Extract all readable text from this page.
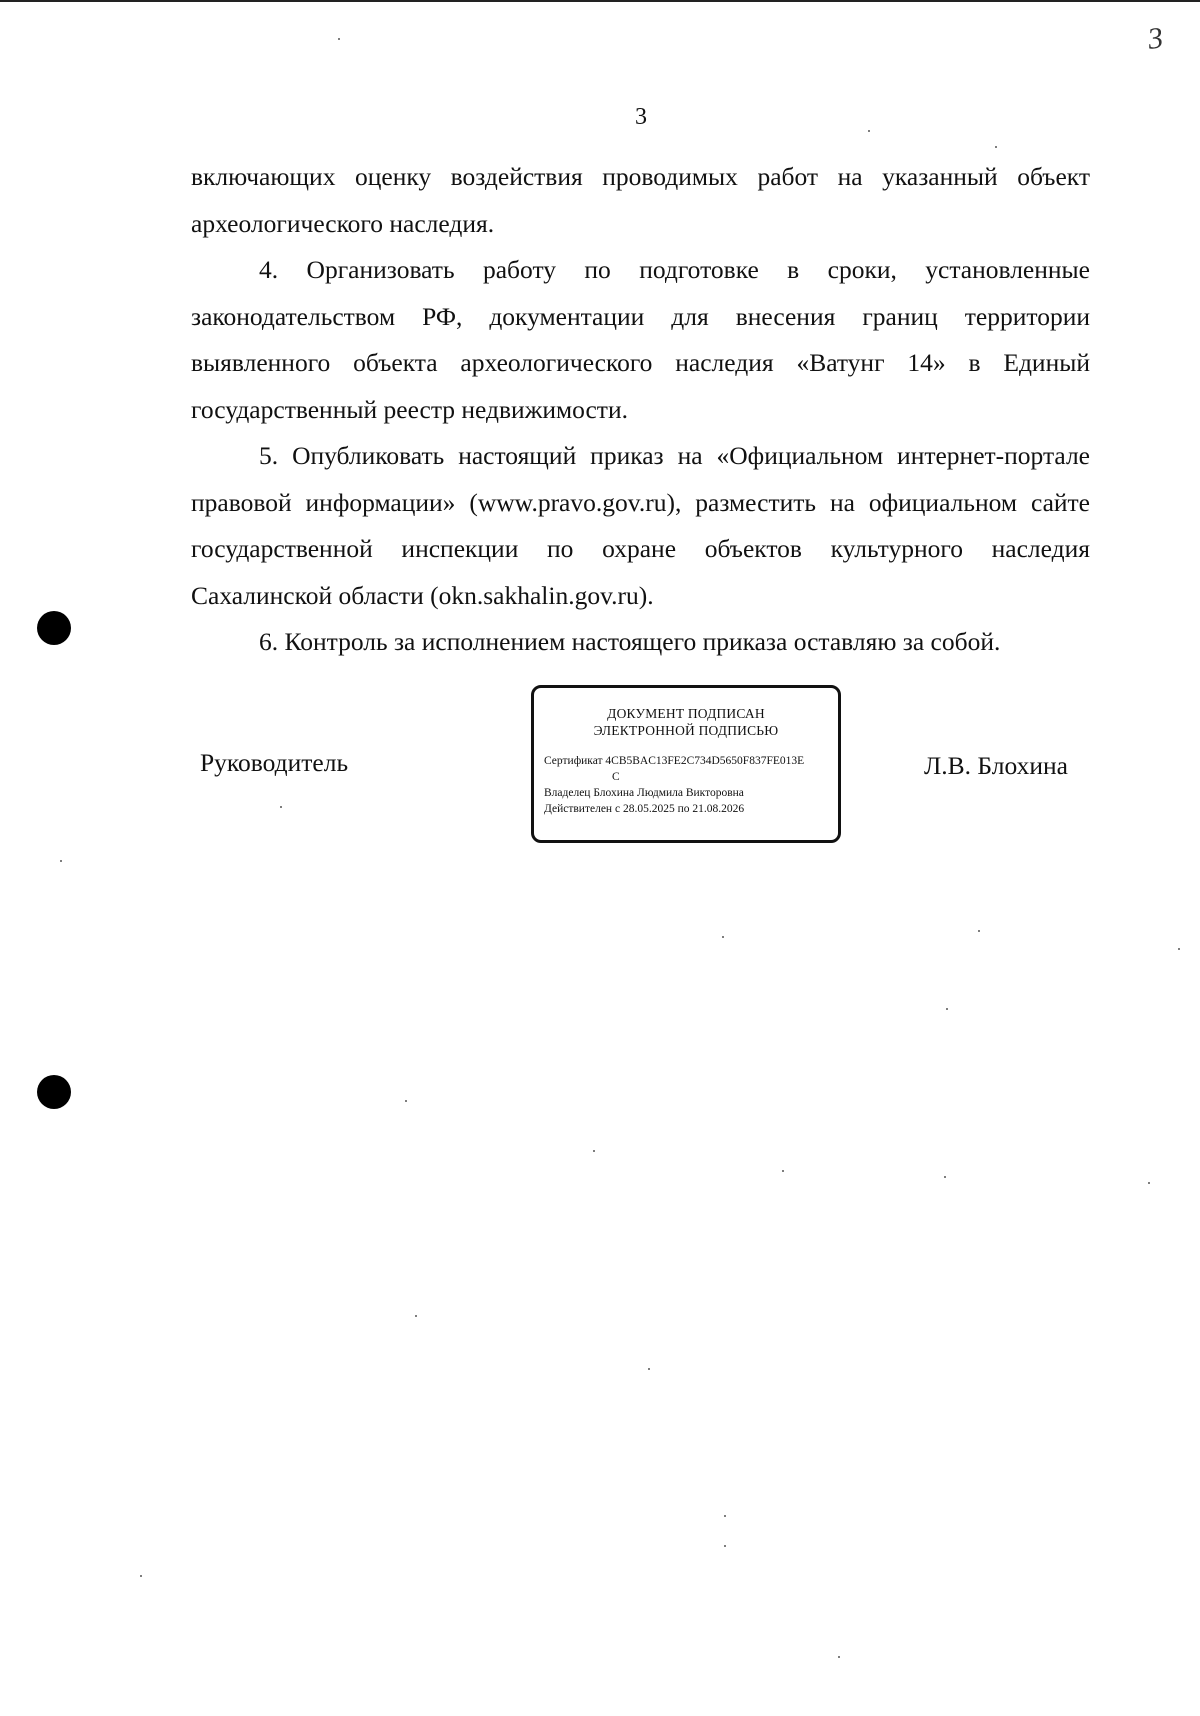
3
3

включающих оценку воздействия проводимых работ на указанный объект археологического наследия.

4. Организовать работу по подготовке в сроки, установленные законодательством РФ, документации для внесения границ территории выявленного объекта археологического наследия «Ватунг 14» в Единый государственный реестр недвижимости.

5. Опубликовать настоящий приказ на «Официальном интернет-портале правовой информации» (www.pravo.gov.ru), разместить на официальном сайте государственной инспекции по охране объектов культурного наследия Сахалинской области (okn.sakhalin.gov.ru).

6. Контроль за исполнением настоящего приказа оставляю за собой.

Руководитель
ДОКУМЕНТ ПОДПИСАН
ЭЛЕКТРОННОЙ ПОДПИСЬЮ
Сертификат 4CB5BAC13FE2C734D5650F837FE013E
C
Владелец Блохина Людмила Викторовна
Действителен с 28.05.2025 по 21.08.2026
Л.В. Блохина
